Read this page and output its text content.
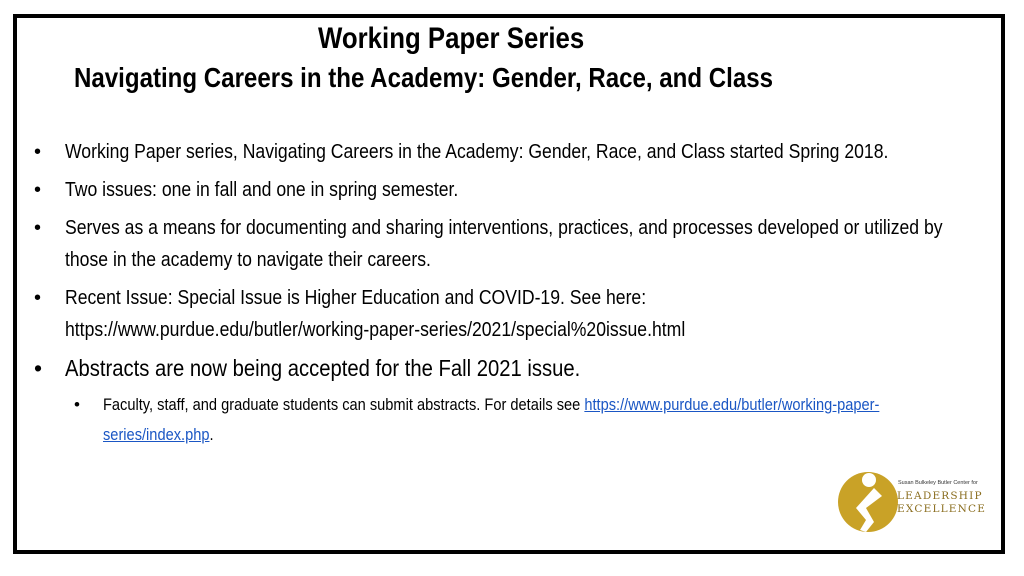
Working Paper Series
Navigating Careers in the Academy: Gender, Race, and Class
• Working Paper series, Navigating Careers in the Academy: Gender, Race, and Class started Spring 2018.
• Two issues: one in fall and one in spring semester.
• Serves as a means for documenting and sharing interventions, practices, and processes developed or utilized by those in the academy to navigate their careers.
• Recent Issue: Special Issue is Higher Education and COVID-19. See here: https://www.purdue.edu/butler/working-paper-series/2021/special%20issue.html
• Abstracts are now being accepted for the Fall 2021 issue.
• Faculty, staff, and graduate students can submit abstracts. For details see https://www.purdue.edu/butler/working-paper-series/index.php.
Susan Bulkeley Butler Center for
LEADERSHIP
EXCELLENCE
